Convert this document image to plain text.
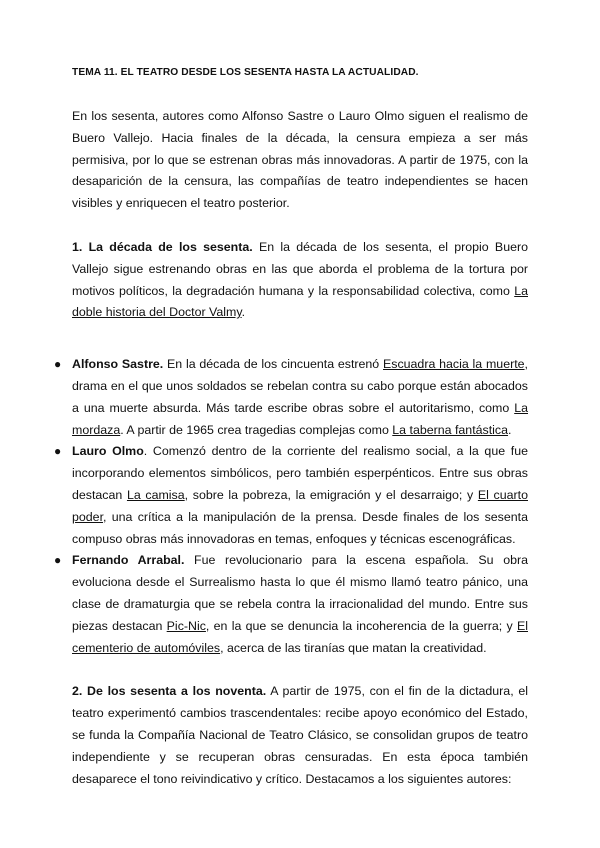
TEMA 11. EL TEATRO DESDE LOS SESENTA HASTA LA ACTUALIDAD.

En los sesenta, autores como Alfonso Sastre o Lauro Olmo siguen el realismo de Buero Vallejo. Hacia finales de la década, la censura empieza a ser más permisiva, por lo que se estrenan obras más innovadoras. A partir de 1975, con la desaparición de la censura, las compañías de teatro independientes se hacen visibles y enriquecen el teatro posterior.

1. La década de los sesenta. En la década de los sesenta, el propio Buero Vallejo sigue estrenando obras en las que aborda el problema de la tortura por motivos políticos, la degradación humana y la responsabilidad colectiva, como La doble historia del Doctor Valmy.

● Alfonso Sastre. En la década de los cincuenta estrenó Escuadra hacia la muerte, drama en el que unos soldados se rebelan contra su cabo porque están abocados a una muerte absurda. Más tarde escribe obras sobre el autoritarismo, como La mordaza. A partir de 1965 crea tragedias complejas como La taberna fantástica.
● Lauro Olmo. Comenzó dentro de la corriente del realismo social, a la que fue incorporando elementos simbólicos, pero también esperpénticos. Entre sus obras destacan La camisa, sobre la pobreza, la emigración y el desarraigo; y El cuarto poder, una crítica a la manipulación de la prensa. Desde finales de los sesenta compuso obras más innovadoras en temas, enfoques y técnicas escenográficas.
● Fernando Arrabal. Fue revolucionario para la escena española. Su obra evoluciona desde el Surrealismo hasta lo que él mismo llamó teatro pánico, una clase de dramaturgia que se rebela contra la irracionalidad del mundo. Entre sus piezas destacan Pic-Nic, en la que se denuncia la incoherencia de la guerra; y El cementerio de automóviles, acerca de las tiranías que matan la creatividad.

2. De los sesenta a los noventa. A partir de 1975, con el fin de la dictadura, el teatro experimentó cambios trascendentales: recibe apoyo económico del Estado, se funda la Compañía Nacional de Teatro Clásico, se consolidan grupos de teatro independiente y se recuperan obras censuradas. En esta época también desaparece el tono reivindicativo y crítico. Destacamos a los siguientes autores:
